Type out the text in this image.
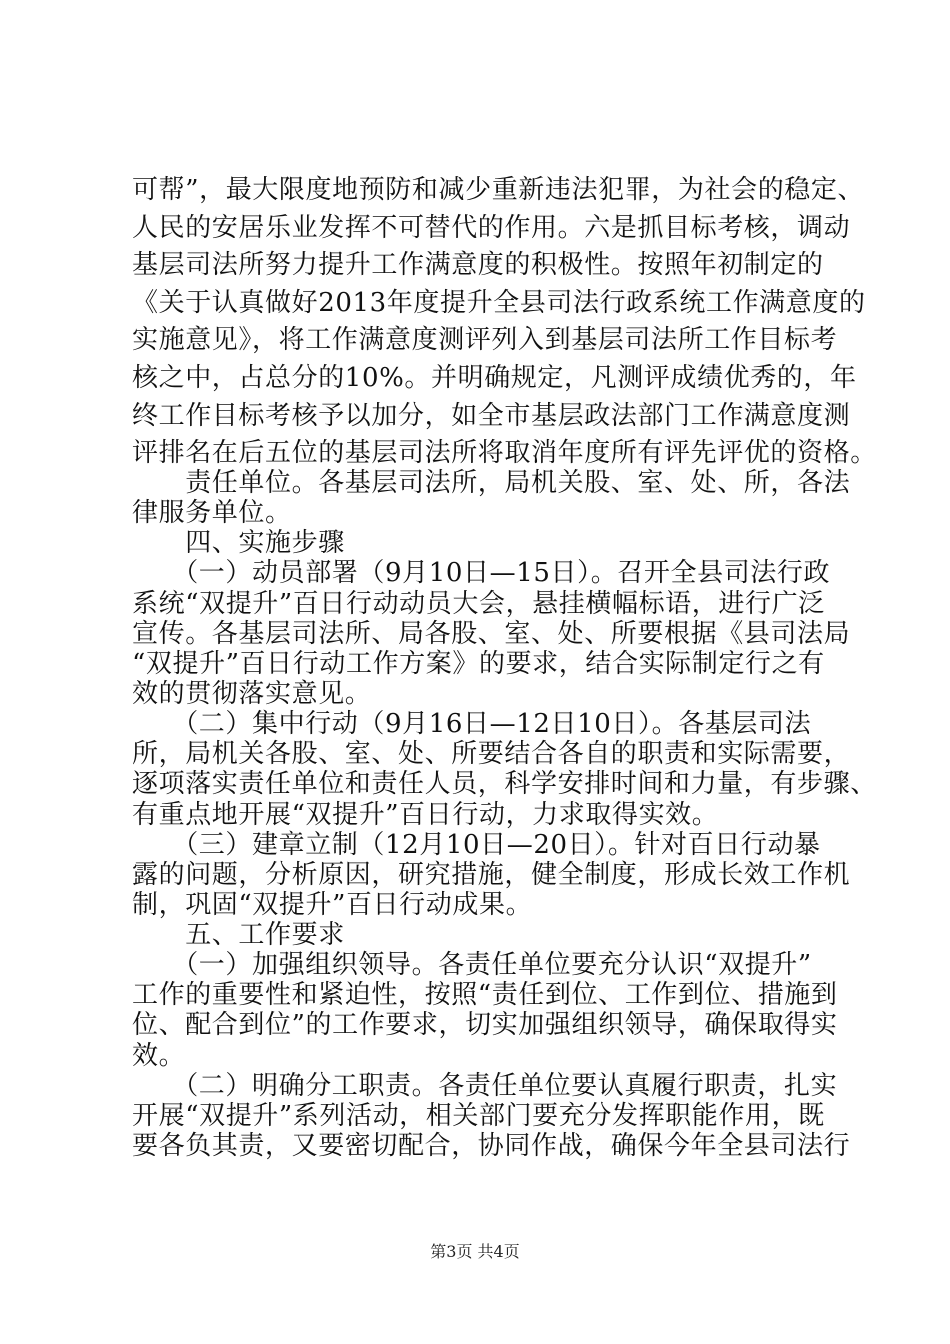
可帮”，最大限度地预防和减少重新违法犯罪，为社会的稳定、
人民的安居乐业发挥不可替代的作用。六是抓目标考核，调动
基层司法所努力提升工作满意度的积极性。按照年初制定的
《关于认真做好2013年度提升全县司法行政系统工作满意度的
实施意见》，将工作满意度测评列入到基层司法所工作目标考
核之中，占总分的10%。并明确规定，凡测评成绩优秀的，年
终工作目标考核予以加分，如全市基层政法部门工作满意度测
评排名在后五位的基层司法所将取消年度所有评先评优的资格。
　　责任单位。各基层司法所，局机关股、室、处、所，各法
律服务单位。
　　四、实施步骤
　　（一）动员部署（9月10日—15日）。召开全县司法行政
系统“双提升”百日行动动员大会，悬挂横幅标语，进行广泛
宣传。各基层司法所、局各股、室、处、所要根据《县司法局
“双提升”百日行动工作方案》的要求，结合实际制定行之有
效的贯彻落实意见。
　　（二）集中行动（9月16日—12日10日）。各基层司法
所，局机关各股、室、处、所要结合各自的职责和实际需要，
逐项落实责任单位和责任人员，科学安排时间和力量，有步骤、
有重点地开展“双提升”百日行动，力求取得实效。
　　（三）建章立制（12月10日—20日）。针对百日行动暴
露的问题，分析原因，研究措施，健全制度，形成长效工作机
制，巩固“双提升”百日行动成果。
　　五、工作要求
　　（一）加强组织领导。各责任单位要充分认识“双提升”
工作的重要性和紧迫性，按照“责任到位、工作到位、措施到
位、配合到位”的工作要求，切实加强组织领导，确保取得实
效。
　　（二）明确分工职责。各责任单位要认真履行职责，扎实
开展“双提升”系列活动，相关部门要充分发挥职能作用，既
要各负其责，又要密切配合，协同作战，确保今年全县司法行
第3页 共4页
